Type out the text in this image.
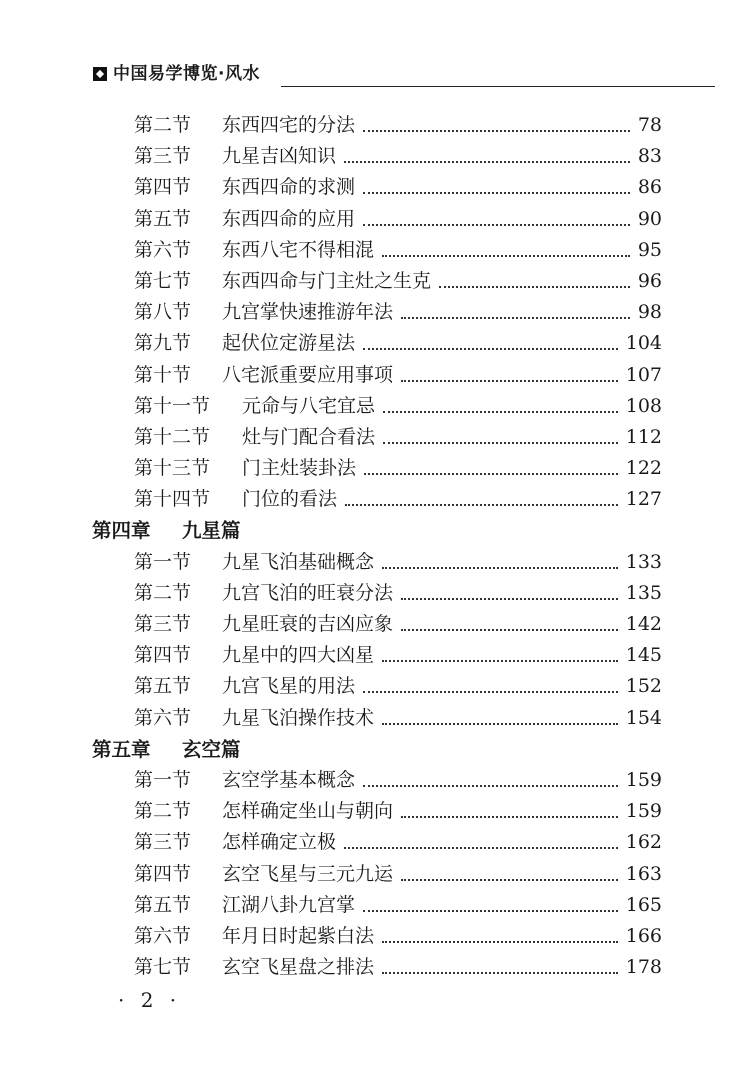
中国易学博览·风水
第二节 东西四宅的分法	78
第三节 九星吉凶知识	83
第四节 东西四命的求测	86
第五节 东西四命的应用	90
第六节 东西八宅不得相混	95
第七节 东西四命与门主灶之生克	96
第八节 九宫掌快速推游年法	98
第九节 起伏位定游星法	104
第十节 八宅派重要应用事项	107
第十一节 元命与八宅宜忌	108
第十二节 灶与门配合看法	112
第十三节 门主灶装卦法	122
第十四节 门位的看法	127
第四章 九星篇
第一节 九星飞泊基础概念	133
第二节 九宫飞泊的旺衰分法	135
第三节 九星旺衰的吉凶应象	142
第四节 九星中的四大凶星	145
第五节 九宫飞星的用法	152
第六节 九星飞泊操作技术	154
第五章 玄空篇
第一节 玄空学基本概念	159
第二节 怎样确定坐山与朝向	159
第三节 怎样确定立极	162
第四节 玄空飞星与三元九运	163
第五节 江湖八卦九宫掌	165
第六节 年月日时起紫白法	166
第七节 玄空飞星盘之排法	178
· 2 ·
